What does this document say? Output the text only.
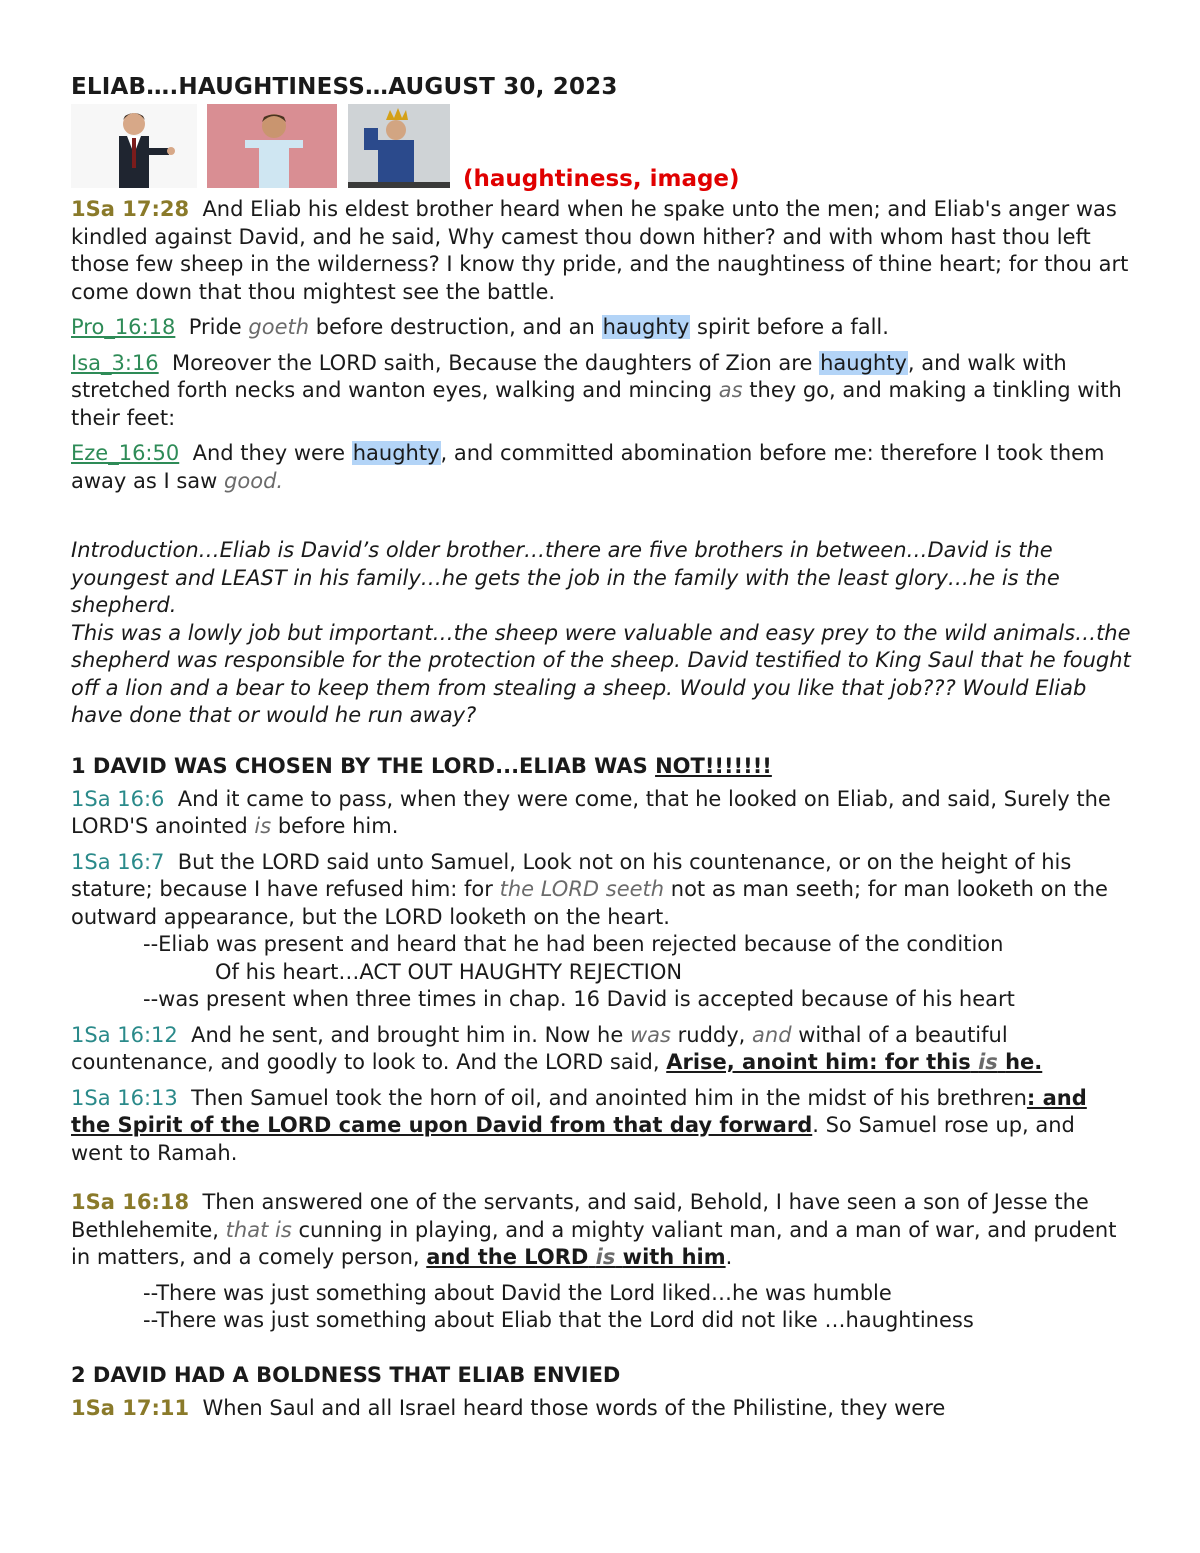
ELIAB….HAUGHTINESS…AUGUST 30, 2023
(haughtiness, image)

1Sa 17:28 And Eliab his eldest brother heard when he spake unto the men; and Eliab's anger was kindled against David, and he said, Why camest thou down hither? and with whom hast thou left those few sheep in the wilderness? I know thy pride, and the naughtiness of thine heart; for thou art come down that thou mightest see the battle.

Pro_16:18 Pride goeth before destruction, and an haughty spirit before a fall.

Isa_3:16 Moreover the LORD saith, Because the daughters of Zion are haughty, and walk with stretched forth necks and wanton eyes, walking and mincing as they go, and making a tinkling with their feet:

Eze_16:50 And they were haughty, and committed abomination before me: therefore I took them away as I saw good.

Introduction…Eliab is David’s older brother…there are five brothers in between…David is the youngest and LEAST in his family…he gets the job in the family with the least glory…he is the shepherd.

This was a lowly job but important…the sheep were valuable and easy prey to the wild animals…the shepherd was responsible for the protection of the sheep. David testified to King Saul that he fought off a lion and a bear to keep them from stealing a sheep. Would you like that job??? Would Eliab have done that or would he run away?

1 DAVID WAS CHOSEN BY THE LORD...ELIAB WAS NOT!!!!!!!

1Sa 16:6 And it came to pass, when they were come, that he looked on Eliab, and said, Surely the LORD'S anointed is before him.

1Sa 16:7 But the LORD said unto Samuel, Look not on his countenance, or on the height of his stature; because I have refused him: for the LORD seeth not as man seeth; for man looketh on the outward appearance, but the LORD looketh on the heart.

--Eliab was present and heard that he had been rejected because of the condition

Of his heart…ACT OUT HAUGHTY REJECTION

--was present when three times in chap. 16 David is accepted because of his heart

1Sa 16:12 And he sent, and brought him in. Now he was ruddy, and withal of a beautiful countenance, and goodly to look to. And the LORD said, Arise, anoint him: for this is he.

1Sa 16:13 Then Samuel took the horn of oil, and anointed him in the midst of his brethren: and the Spirit of the LORD came upon David from that day forward. So Samuel rose up, and went to Ramah.

1Sa 16:18 Then answered one of the servants, and said, Behold, I have seen a son of Jesse the Bethlehemite, that is cunning in playing, and a mighty valiant man, and a man of war, and prudent in matters, and a comely person, and the LORD is with him.

--There was just something about David the Lord liked…he was humble

--There was just something about Eliab that the Lord did not like …haughtiness

2 DAVID HAD A BOLDNESS THAT ELIAB ENVIED

1Sa 17:11 When Saul and all Israel heard those words of the Philistine, they were
